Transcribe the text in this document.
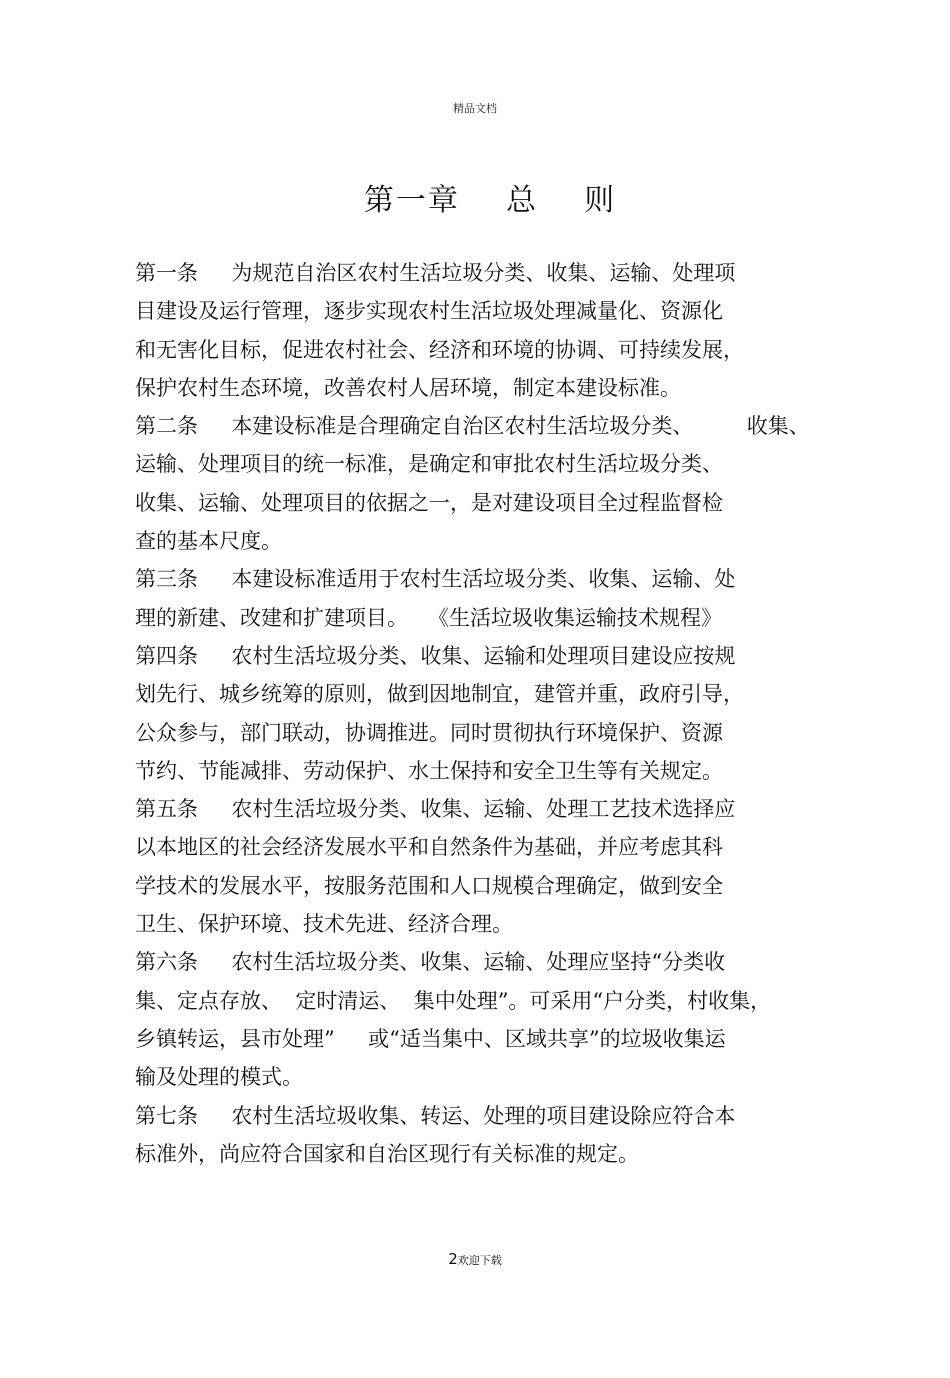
精品文档
第一章    总    则
第一条     为规范自治区农村生活垃圾分类、收集、运输、处理项
目建设及运行管理，逐步实现农村生活垃圾处理减量化、资源化
和无害化目标，促进农村社会、经济和环境的协调、可持续发展，
保护农村生态环境，改善农村人居环境，制定本建设标准。
第二条     本建设标准是合理确定自治区农村生活垃圾分类、        收集、
运输、处理项目的统一标准，是确定和审批农村生活垃圾分类、
收集、运输、处理项目的依据之一，是对建设项目全过程监督检
查的基本尺度。
第三条     本建设标准适用于农村生活垃圾分类、收集、运输、处
理的新建、改建和扩建项目。   《生活垃圾收集运输技术规程》
第四条     农村生活垃圾分类、收集、运输和处理项目建设应按规
划先行、城乡统筹的原则，做到因地制宜，建管并重，政府引导，
公众参与，部门联动，协调推进。同时贯彻执行环境保护、资源
节约、节能减排、劳动保护、水土保持和安全卫生等有关规定。
第五条     农村生活垃圾分类、收集、运输、处理工艺技术选择应
以本地区的社会经济发展水平和自然条件为基础，并应考虑其科
学技术的发展水平，按服务范围和人口规模合理确定，做到安全
卫生、保护环境、技术先进、经济合理。
第六条     农村生活垃圾分类、收集、运输、处理应坚持“分类收
集、定点存放、  定时清运、  集中处理”。可采用“户分类，村收集，
乡镇转运，县市处理”     或“适当集中、区域共享”的垃圾收集运
输及处理的模式。
第七条     农村生活垃圾收集、转运、处理的项目建设除应符合本
标准外，尚应符合国家和自治区现行有关标准的规定。
2欢迎下载
